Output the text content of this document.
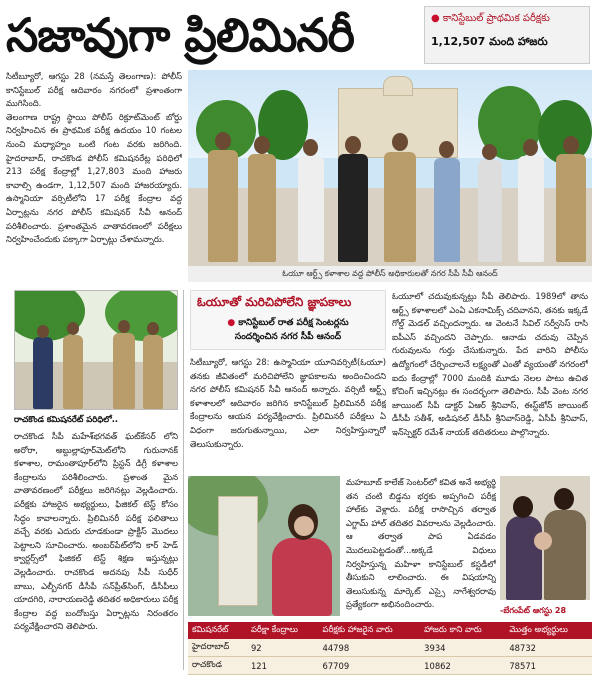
సజావుగా ప్రిలిమినరీ	● కానిస్టేబుల్ ప్రాథమిక పరీక్షకు
1,12,507 మంది హాజరు

సిటీబ్యూరో, ఆగస్టు 28 (నమస్తే తెలంగాణ): పోలీస్ కానిస్టేబుల్ పరీక్ష ఆదివారం నగరంలో ప్రశాంతంగా ముగిసింది.

తెలంగాణ రాష్ట్ర స్థాయి పోలీస్ రిక్రూట్‌మెంట్ బోర్డు నిర్వహించిన ఈ ప్రాథమిక పరీక్ష ఉదయం 10 గంటల నుంచి మధ్యాహ్నం ఒంటి గంట వరకు జరిగింది. హైదరాబాద్, రాచకొండ పోలీస్ కమిషనరేట్ల పరిధిలో 213 పరీక్ష కేంద్రాల్లో 1,27,803 మంది హాజరు కావాల్సి ఉండగా, 1,12,507 మంది హాజరయ్యారు. ఉస్మానియా వర్సిటీలోని 17 పరీక్ష కేంద్రాల వద్ద ఏర్పాట్లను నగర పోలీస్ కమిషనర్ సీవీ ఆనంద్ పరిశీలించారు. ప్రశాంతమైన వాతావరణంలో పరీక్షలు నిర్వహించేందుకు పక్కాగా ఏర్పాట్లు చేశామన్నారు.

ఓయూ ఆర్ట్స్ కళాశాల వద్ద పోలీస్ అధికారులతో నగర సీపీ సీవీ ఆనంద్
రాచకొండ కమిషనరేట్ పరిధిలో..

రాచకొండ సీపీ మహేశ్‌భగవత్ ఘట్‌కేసర్ లోని అరోరా, అబ్దుల్లాపూర్‌మెట్‌లోని గురునానక్ కళాశాల, రామంతాపూర్‌లోని ప్రిస్టన్ డిగ్రీ కళాశాల కేంద్రాలను పరిశీలించారు. ప్రశాంత మైన వాతావరణంలో పరీక్షలు జరిగినట్లు వెల్లడించారు. పరీక్షకు హాజరైన అభ్యర్థులు, ఫిజికల్ టెస్ట్ కోసం సిద్ధం కావాలన్నారు. ప్రిలిమినరీ పరీక్ష ఫలితాలు వచ్చే వరకు ఎదురు చూడకుండా ప్రాక్టీస్ మొదలు పెట్టాలని సూచించారు. అంబర్‌పేట్‌లోని కార్ హెడ్ క్వార్టర్స్‌లో ఫిజికల్ టెస్ట్ శిక్షణ ఇస్తున్నట్లు వెల్లడించారు. రాచకొండ అదనపు సీపీ సుధీర్ బాబు, ఎల్బీనగర్ డీసీపీ సన్‌ప్రీత్‌సింగ్, డీసీపీలు యాదగిరి, నారాయణరెడ్డి తదితర అధికారులు పరీక్ష కేంద్రాల వద్ద బందోబస్తు ఏర్పాట్లను నిరంతరం పర్యవేక్షించారని తెలిపారు.

ఓయూతో మరిచిపోలేని జ్ఞాపకాలు
● కానిస్టేబుల్ రాత పరీక్ష సెంటర్లను
సందర్శించిన నగర సీపీ ఆనంద్

సిటీబ్యూరో, ఆగస్టు 28: ఉస్మానియా యూనివర్సిటీ(ఓయూ) తనకు జీవితంలో మరిచిపోలేని జ్ఞాపకాలను అందించిందని నగర పోలీస్ కమిషనర్ సీవీ ఆనంద్ అన్నారు. వర్సిటీ ఆర్ట్స్ కళాశాలలో ఆదివారం జరిగిన కానిస్టేబుల్ ప్రిలిమినరీ పరీక్ష కేంద్రాలను ఆయన పర్యవేక్షించారు. ప్రిలిమినరీ పరీక్షలు ఏ విధంగా జరుగుతున్నాయి, ఎలా నిర్వహిస్తున్నారో తెలుసుకున్నారు.

ఓయూలో చదువుకున్నట్లు సీపీ తెలిపారు. 1989లో తాను ఆర్ట్స్ కళాశాలలో ఎంఏ ఎకనామిక్స్ చదివానని, తనకు ఇక్కడే గోల్డ్ మెడల్ వచ్చిందన్నారు. ఆ వెంటనే సివిల్ సర్వీసెస్ రాసి ఐపీఎస్ వచ్చిందని చెప్పారు. ఆనాడు చదువు చెప్పిన గురువులను గుర్తు చేసుకున్నారు. పేద వారిని పోలీసు ఉద్యోగంలో చేర్పించాలనే లక్ష్యంతో ఎంతో వ్యయంతో నగరంలో ఐదు కేంద్రాల్లో 7000 మందికి మూడు నెలల పాటు ఉచిత కోచింగ్ ఇచ్చినట్లు ఈ సందర్భంగా తెలిపారు. సీపీ వెంట నగర జాయింట్ సీపీ డాక్టర్ ఏఆర్ శ్రీనివాస్, ఈస్ట్‌జోన్ జాయింట్ డీసీపీ సతీశ్, అడిషనల్ డీసీపీ శ్రీనివాస్‌రెడ్డి, ఏసీపీ శ్రీనివాస్, ఇన్‌స్పెక్టర్ రమేశ్ నాయక్ తదితరులు పాల్గొన్నారు.

మహబూబ్ కాలేజ్ సెంటర్‌లో కవిత అనే అభ్యర్థి తన చంటి బిడ్డను భర్తకు అప్పగించి పరీక్ష హాల్‌కు వెళ్లారు. పరీక్ష రాసొచ్చిన తర్వాత ఎగ్జామ్ హాల్ తదితర వివరాలను వెల్లడించారు. ఆ తర్వాత పాప ఏడవడం మొదలుపెట్టడంతో...అక్కడే విధులు నిర్వహిస్తున్న మహిళా కానిస్టేబుల్ కస్టడీలో తీసుకుని లాలించారు. ఈ విషయాన్ని తెలుసుకున్న మార్కెట్ ఎస్సై నాగేశ్వరరావు ప్రత్యేకంగా అభినందించారు.

-బేగంపేట్ ఆగస్టు 28
కమిషనరేట్	పరీక్షా కేంద్రాలు	పరీక్షకు హాజరైన వారు	హాజరు కాని వారు	మొత్తం అభ్యర్థులు
హైదరాబాద్	92	44798	3934	48732
రాచకొండ	121	67709	10862	78571
